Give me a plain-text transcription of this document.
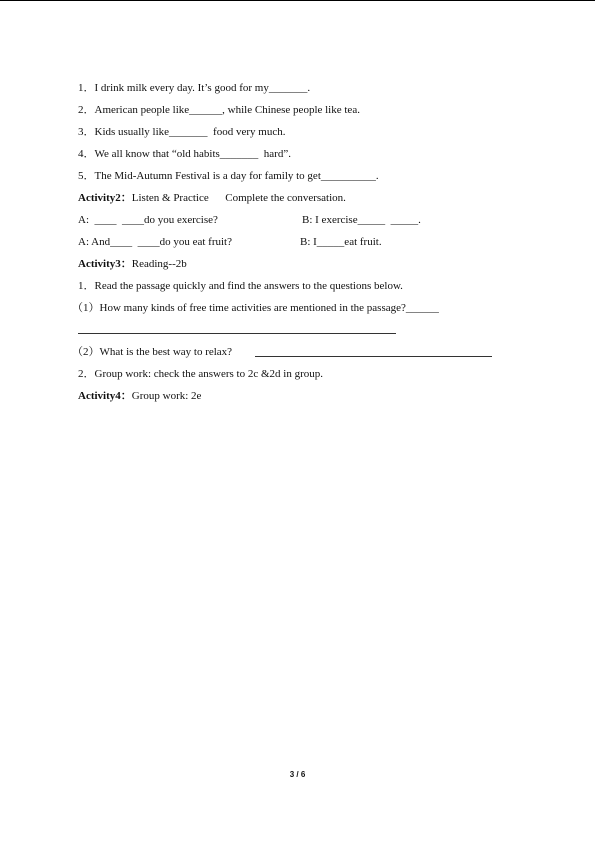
1．I drink milk every day. It’s good for my_______.
2．American people like______, while Chinese people like tea.
3．Kids usually like_______  food very much.
4．We all know that “old habits_______  hard”.
5．The Mid-Autumn Festival is a day for family to get__________.
Activity2：Listen & Practice      Complete the conversation.
A:  ____  ____do you exercise?	B: I exercise_____  _____.
A: And____  ____do you eat fruit?	B: I_____eat fruit.
Activity3：Reading--2b
1．Read the passage quickly and find the answers to the questions below.
（1）How many kinds of free time activities are mentioned in the passage?______
（2）What is the best way to relax?
2．Group work: check the answers to 2c &2d in group.
Activity4：Group work: 2e
3 / 6
